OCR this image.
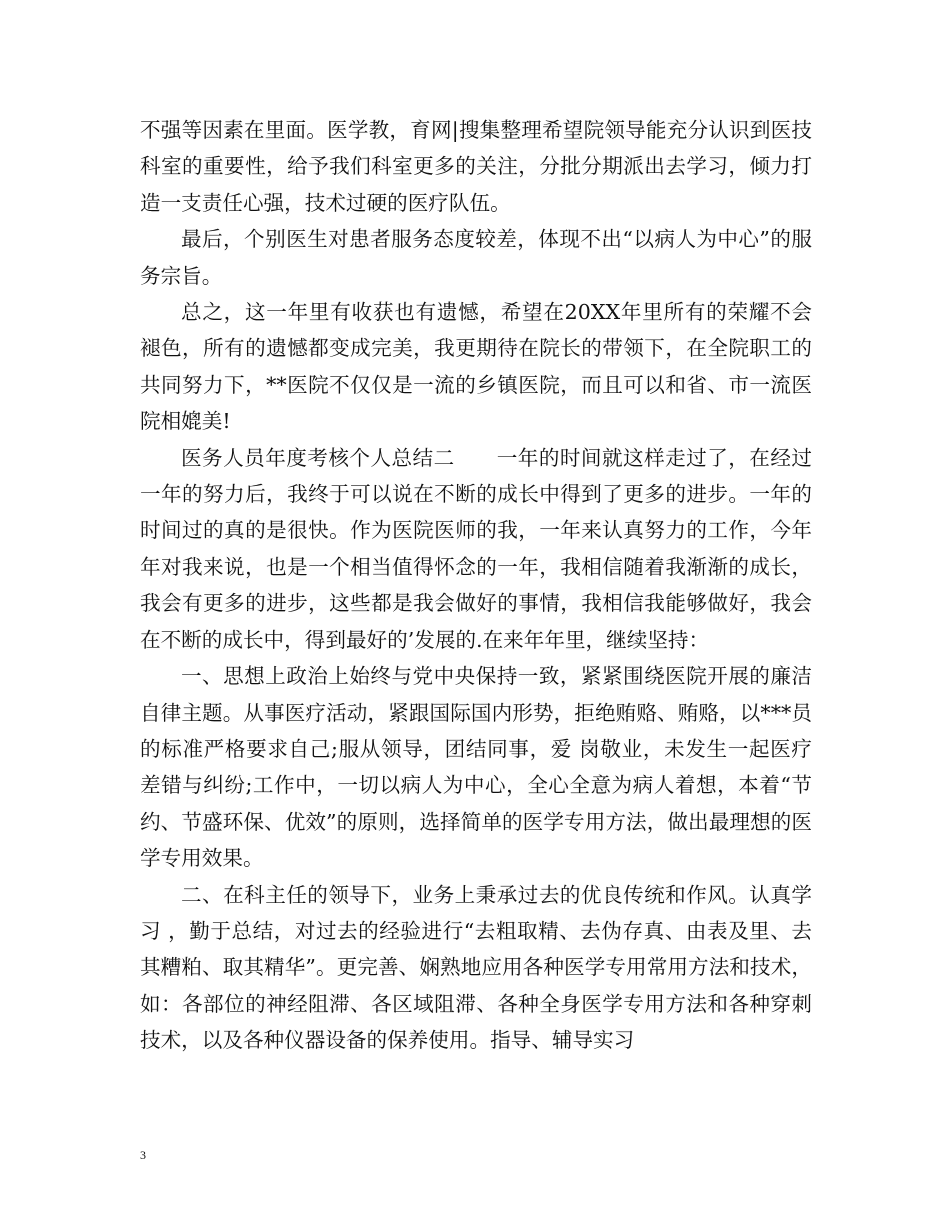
不强等因素在里面。医学教，育网|搜集整理希望院领导能充分认识到医技科室的重要性，给予我们科室更多的关注，分批分期派出去学习，倾力打造一支责任心强，技术过硬的医疗队伍。

最后，个别医生对患者服务态度较差，体现不出“以病人为中心”的服务宗旨。

总之，这一年里有收获也有遗憾，希望在20XX年里所有的荣耀不会褪色，所有的遗憾都变成完美，我更期待在院长的带领下，在全院职工的共同努力下，**医院不仅仅是一流的乡镇医院，而且可以和省、市一流医院相媲美!

医务人员年度考核个人总结二　　一年的时间就这样走过了，在经过一年的努力后，我终于可以说在不断的成长中得到了更多的进步。一年的时间过的真的是很快。作为医院医师的我，一年来认真努力的工作，今年年对我来说，也是一个相当值得怀念的一年，我相信随着我渐渐的成长，我会有更多的进步，这些都是我会做好的事情，我相信我能够做好，我会在不断的成长中，得到最好的’发展的.在来年年里，继续坚持：

一、思想上政治上始终与党中央保持一致，紧紧围绕医院开展的廉洁自律主题。从事医疗活动，紧跟国际国内形势，拒绝贿赂、贿赂，以***员的标准严格要求自己;服从领导，团结同事，爱 岗敬业，未发生一起医疗差错与纠纷;工作中，一切以病人为中心，全心全意为病人着想，本着“节约、节盛环保、优效”的原则，选择简单的医学专用方法，做出最理想的医学专用效果。

二、在科主任的领导下，业务上秉承过去的优良传统和作风。认真学习 ，勤于总结，对过去的经验进行“去粗取精、去伪存真、由表及里、去其糟粕、取其精华”。更完善、娴熟地应用各种医学专用常用方法和技术，如：各部位的神经阻滞、各区域阻滞、各种全身医学专用方法和各种穿刺技术，以及各种仪器设备的保养使用。指导、辅导实习

3
